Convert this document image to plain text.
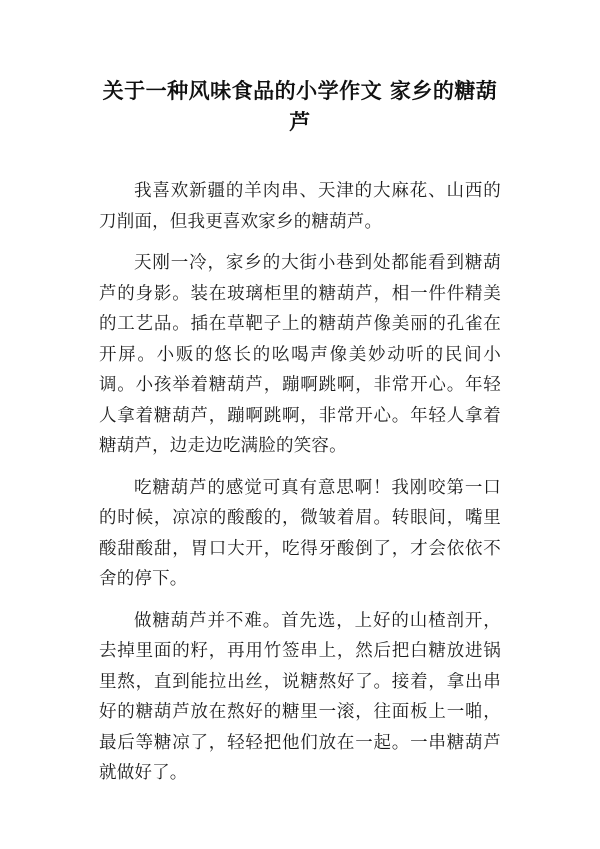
关于一种风味食品的小学作文 家乡的糖葫芦

我喜欢新疆的羊肉串、天津的大麻花、山西的刀削面，但我更喜欢家乡的糖葫芦。

天刚一冷，家乡的大街小巷到处都能看到糖葫芦的身影。装在玻璃柜里的糖葫芦，相一件件精美的工艺品。插在草靶子上的糖葫芦像美丽的孔雀在开屏。小贩的悠长的吆喝声像美妙动听的民间小调。小孩举着糖葫芦，蹦啊跳啊，非常开心。年轻人拿着糖葫芦，蹦啊跳啊，非常开心。年轻人拿着糖葫芦，边走边吃满脸的笑容。

吃糖葫芦的感觉可真有意思啊！我刚咬第一口的时候，凉凉的酸酸的，微皱着眉。转眼间，嘴里酸甜酸甜，胃口大开，吃得牙酸倒了，才会依依不舍的停下。

做糖葫芦并不难。首先选，上好的山楂剖开，去掉里面的籽，再用竹签串上，然后把白糖放进锅里熬，直到能拉出丝，说糖熬好了。接着，拿出串好的糖葫芦放在熬好的糖里一滚，往面板上一啪，最后等糖凉了，轻轻把他们放在一起。一串糖葫芦就做好了。
